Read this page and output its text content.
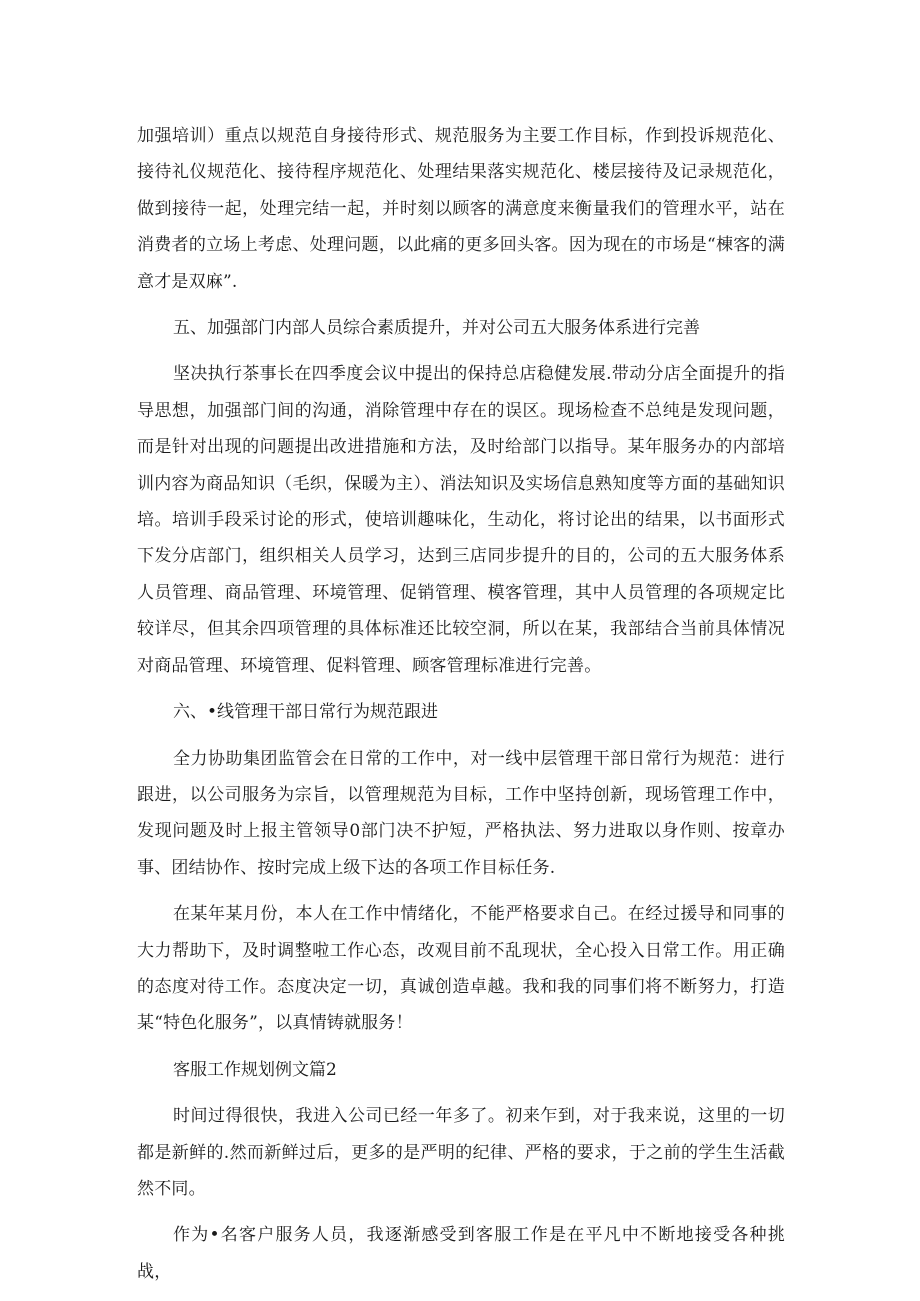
加强培训）重点以规范自身接待形式、规范服务为主要工作目标，作到投诉规范化、接待礼仪规范化、接待程序规范化、处理结果落实规范化、楼层接待及记录规范化，做到接待一起，处理完结一起，并时刻以顾客的满意度来衡量我们的管理水平，站在消费者的立场上考虑、处理问题，以此痛的更多回头客。因为现在的市场是“棟客的满意才是双麻”.

五、加强部门内部人员综合素质提升，并对公司五大服务体系进行完善

坚决执行茶事长在四季度会议中提出的保持总店稳健发展.带动分店全面提升的指导思想，加强部门间的沟通，消除管理中存在的误区。现场检查不总纯是发现问题，而是针对出现的问题提出改进措施和方法，及时给部门以指导。某年服务办的内部培训内容为商品知识（毛织，保暖为主）、消法知识及实场信息熟知度等方面的基础知识培。培训手段采讨论的形式，使培训趣味化，生动化，将讨论出的结果，以书面形式下发分店部门，组织相关人员学习，达到三店同步提升的目的，公司的五大服务体系人员管理、商品管理、环境管理、促销管理、模客管理，其中人员管理的各项规定比较详尽，但其余四项管理的具体标准还比较空洞，所以在某，我部结合当前具体情况对商品管理、环境管理、促料管理、顾客管理标准进行完善。

六、•线管理干部日常行为规范跟进

全力协助集团监管会在日常的工作中，对一线中层管理干部日常行为规范：进行跟进，以公司服务为宗旨，以管理规范为目标，工作中坚持创新，现场管理工作中，发现问题及时上报主管领导0部门决不护短，严格执法、努力进取以身作则、按章办事、团结协作、按时完成上级下达的各项工作目标任务.

在某年某月份，本人在工作中情绪化，不能严格要求自己。在经过援导和同事的大力帮助下，及时调整啦工作心态，改观目前不乱现状，全心投入日常工作。用正确的态度对待工作。态度决定一切，真诚创造卓越。我和我的同事们将不断努力，打造某“特色化服务”，以真情铸就服务！

客服工作规划例文篇2

时间过得很快，我进入公司已经一年多了。初来乍到，对于我来说，这里的一切都是新鲜的.然而新鲜过后，更多的是严明的纪律、严格的要求，于之前的学生生活截然不同。

作为•名客户服务人员，我逐渐感受到客服工作是在平凡中不断地接受各种挑战，
